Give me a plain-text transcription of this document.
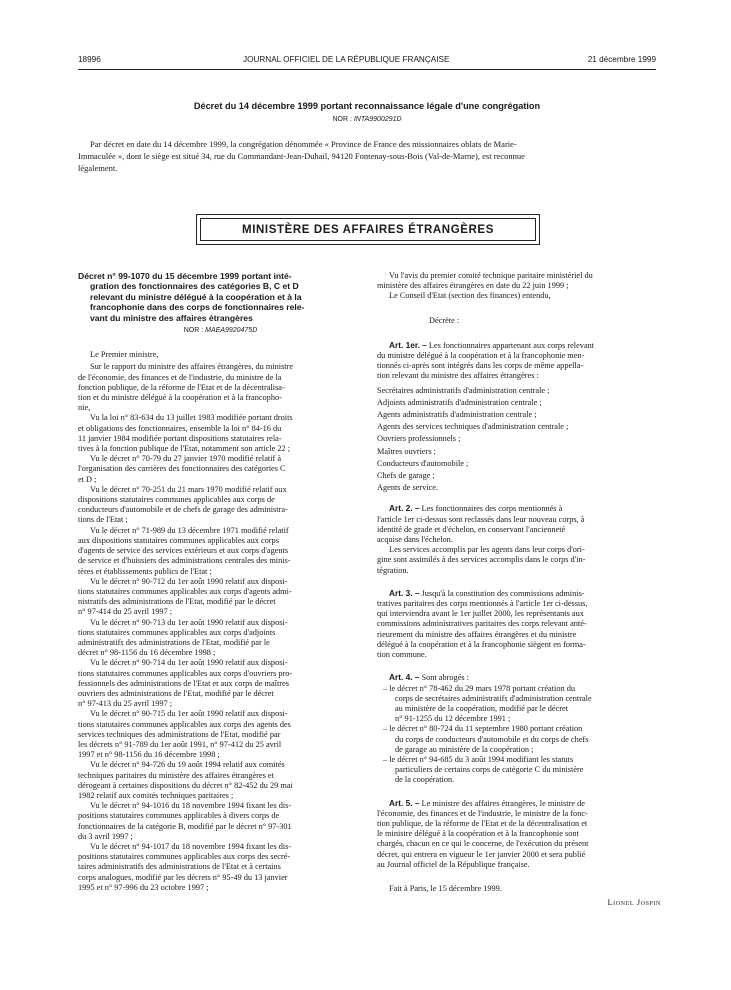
18996	JOURNAL OFFICIEL DE LA RÉPUBLIQUE FRANÇAISE	21 décembre 1999
Décret du 14 décembre 1999 portant reconnaissance légale d'une congrégation
NOR : INTA9900291D
Par décret en date du 14 décembre 1999, la congrégation dénommée « Province de France des missionnaires oblats de Marie-
Immaculée », dont le siège est situé 34, rue du Commandant-Jean-Duhail, 94120 Fontenay-sous-Bois (Val-de-Marne), est reconnue
légalement.
MINISTÈRE DES AFFAIRES ÉTRANGÈRES
Décret n° 99-1070 du 15 décembre 1999 portant inté-
gration des fonctionnaires des catégories B, C et D
relevant du ministre délégué à la coopération et à la
francophonie dans des corps de fonctionnaires rele-
vant du ministre des affaires étrangères
NOR : MAEA9920475D
Le Premier ministre,
Sur le rapport du ministre des affaires étrangères, du ministre
de l'économie, des finances et de l'industrie, du ministre de la
fonction publique, de la réforme de l'Etat et de la décentralisa-
tion et du ministre délégué à la coopération et à la francopho-
nie,
Vu la loi n° 83-634 du 13 juillet 1983 modifiée portant droits
et obligations des fonctionnaires, ensemble la loi n° 84-16 du
11 janvier 1984 modifiée portant dispositions statutaires rela-
tives à la fonction publique de l'Etat, notamment son article 22 ;
Vu le décret n° 70-79 du 27 janvier 1970 modifié relatif à
l'organisation des carrières des fonctionnaires des catégories C
et D ;
Vu le décret n° 70-251 du 21 mars 1970 modifié relatif aux
dispositions statutaires communes applicables aux corps de
conducteurs d'automobile et de chefs de garage des administra-
tions de l'Etat ;
Vu le décret n° 71-989 du 13 décembre 1971 modifié relatif
aux dispositions statutaires communes applicables aux corps
d'agents de service des services extérieurs et aux corps d'agents
de service et d'huissiers des administrations centrales des minis-
tères et établissements publics de l'Etat ;
Vu le décret n° 90-712 du 1er août 1990 relatif aux disposi-
tions statutaires communes applicables aux corps d'agents admi-
nistratifs des administrations de l'Etat, modifié par le décret
n° 97-414 du 25 avril 1997 ;
Vu le décret n° 90-713 du 1er août 1990 relatif aux disposi-
tions statutaires communes applicables aux corps d'adjoints
administratifs des administrations de l'Etat, modifié par le
décret n° 98-1156 du 16 décembre 1998 ;
Vu le décret n° 90-714 du 1er août 1990 relatif aux disposi-
tions statutaires communes applicables aux corps d'ouvriers pro-
fessionnels des administrations de l'Etat et aux corps de maîtres
ouvriers des administrations de l'Etat, modifié par le décret
n° 97-413 du 25 avril 1997 ;
Vu le décret n° 90-715 du 1er août 1990 relatif aux disposi-
tions statutaires communes applicables aux corps des agents des
services techniques des administrations de l'Etat, modifié par
les décrets n° 91-789 du 1er août 1991, n° 97-412 du 25 avril
1997 et n° 98-1156 du 16 décembre 1998 ;
Vu le décret n° 94-726 du 19 août 1994 relatif aux comités
techniques paritaires du ministère des affaires étrangères et
dérogeant à certaines dispositions du décret n° 82-452 du 29 mai
1982 relatif aux comités techniques paritaires ;
Vu le décret n° 94-1016 du 18 novembre 1994 fixant les dis-
positions statutaires communes applicables à divers corps de
fonctionnaires de la catégorie B, modifié par le décret n° 97-301
du 3 avril 1997 ;
Vu le décret n° 94-1017 du 18 novembre 1994 fixant les dis-
positions statutaires communes applicables aux corps des secré-
taires administratifs des administrations de l'Etat et à certains
corps analogues, modifié par les décrets n° 95-49 du 13 janvier
1995 et n° 97-996 du 23 octobre 1997 ;
Vu l'avis du premier comité technique paritaire ministériel du
ministère des affaires étrangères en date du 22 juin 1999 ;
Le Conseil d'Etat (section des finances) entendu,
Décrète :
Art. 1er. – Les fonctionnaires appartenant aux corps relevant
du ministre délégué à la coopération et à la francophonie men-
tionnés ci-après sont intégrés dans les corps de même appella-
tion relevant du ministre des affaires étrangères :
Secrétaires administratifs d'administration centrale ;
Adjoints administratifs d'administration centrale ;
Agents administratifs d'administration centrale ;
Agents des services techniques d'administration centrale ;
Ouvriers professionnels ;
Maîtres ouvriers ;
Conducteurs d'automobile ;
Chefs de garage ;
Agents de service.
Art. 2. – Les fonctionnaires des corps mentionnés à
l'article 1er ci-dessus sont reclassés dans leur nouveau corps, à
identité de grade et d'échelon, en conservant l'ancienneté
acquise dans l'échelon.
Les services accomplis par les agents dans leur corps d'ori-
gine sont assimilés à des services accomplis dans le corps d'in-
tégration.
Art. 3. – Jusqu'à la constitution des commissions adminis-
tratives paritaires des corps mentionnés à l'article 1er ci-dessus,
qui interviendra avant le 1er juillet 2000, les représentants aux
commissions administratives paritaires des corps relevant anté-
rieurement du ministre des affaires étrangères et du ministre
délégué à la coopération et à la francophonie siègent en forma-
tion commune.
Art. 4. – Sont abrogés :
– le décret n° 78-462 du 29 mars 1978 portant création du
corps de secrétaires administratifs d'administration centrale
au ministère de la coopération, modifié par le décret
n° 91-1255 du 12 décembre 1991 ;
– le décret n° 80-724 du 11 septembre 1980 portant création
du corps de conducteurs d'automobile et du corps de chefs
de garage au ministère de la coopération ;
– le décret n° 94-685 du 3 août 1994 modifiant les statuts
particuliers de certains corps de catégorie C du ministère
de la coopération.
Art. 5. – Le ministre des affaires étrangères, le ministre de
l'économie, des finances et de l'industrie, le ministre de la fonc-
tion publique, de la réforme de l'Etat et de la décentralisation et
le ministre délégué à la coopération et à la francophonie sont
chargés, chacun en ce qui le concerne, de l'exécution du présent
décret, qui entrera en vigueur le 1er janvier 2000 et sera publié
au Journal officiel de la République française.
Fait à Paris, le 15 décembre 1999.
Lionel Jospin
